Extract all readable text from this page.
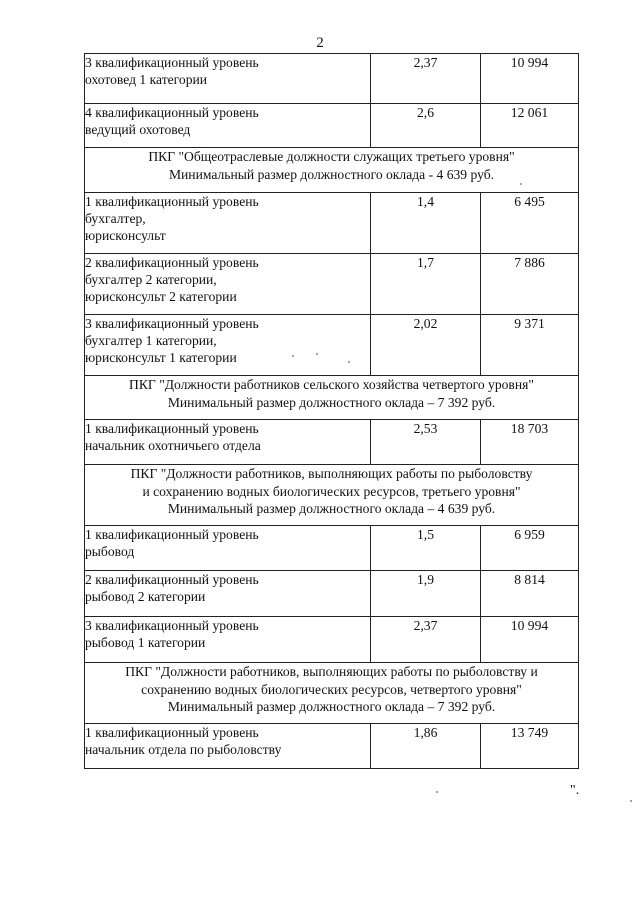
2
3 квалификационный уровень
охотовед 1 категории	2,37	10 994
4 квалификационный уровень
ведущий охотовед	2,6	12 061

ПКГ "Общеотраслевые должности служащих третьего уровня"
Минимальный размер должностного оклада - 4 639 руб.		

1 квалификационный уровень
бухгалтер,
юрисконсульт	1,4	6 495
2 квалификационный уровень
бухгалтер 2 категории,
юрисконсульт 2 категории	1,7	7 886
3 квалификационный уровень
бухгалтер 1 категории,
юрисконсульт 1 категории	2,02	9 371

ПКГ "Должности работников сельского хозяйства четвертого уровня"
Минимальный размер должностного оклада – 7 392 руб.		

1 квалификационный уровень
начальник охотничьего отдела	2,53	18 703

ПКГ "Должности работников, выполняющих работы по рыболовству
и сохранению водных биологических ресурсов, третьего уровня"
Минимальный размер должностного оклада – 4 639 руб.		

1 квалификационный уровень
рыбовод	1,5	6 959
2 квалификационный уровень
рыбовод 2 категории	1,9	8 814
3 квалификационный уровень
рыбовод 1 категории	2,37	10 994

ПКГ "Должности работников, выполняющих работы по рыболовству и
сохранению водных биологических ресурсов, четвертого уровня"
Минимальный размер должностного оклада – 7 392 руб.		

1 квалификационный уровень
начальник отдела по рыболовству	1,86	13 749
".
